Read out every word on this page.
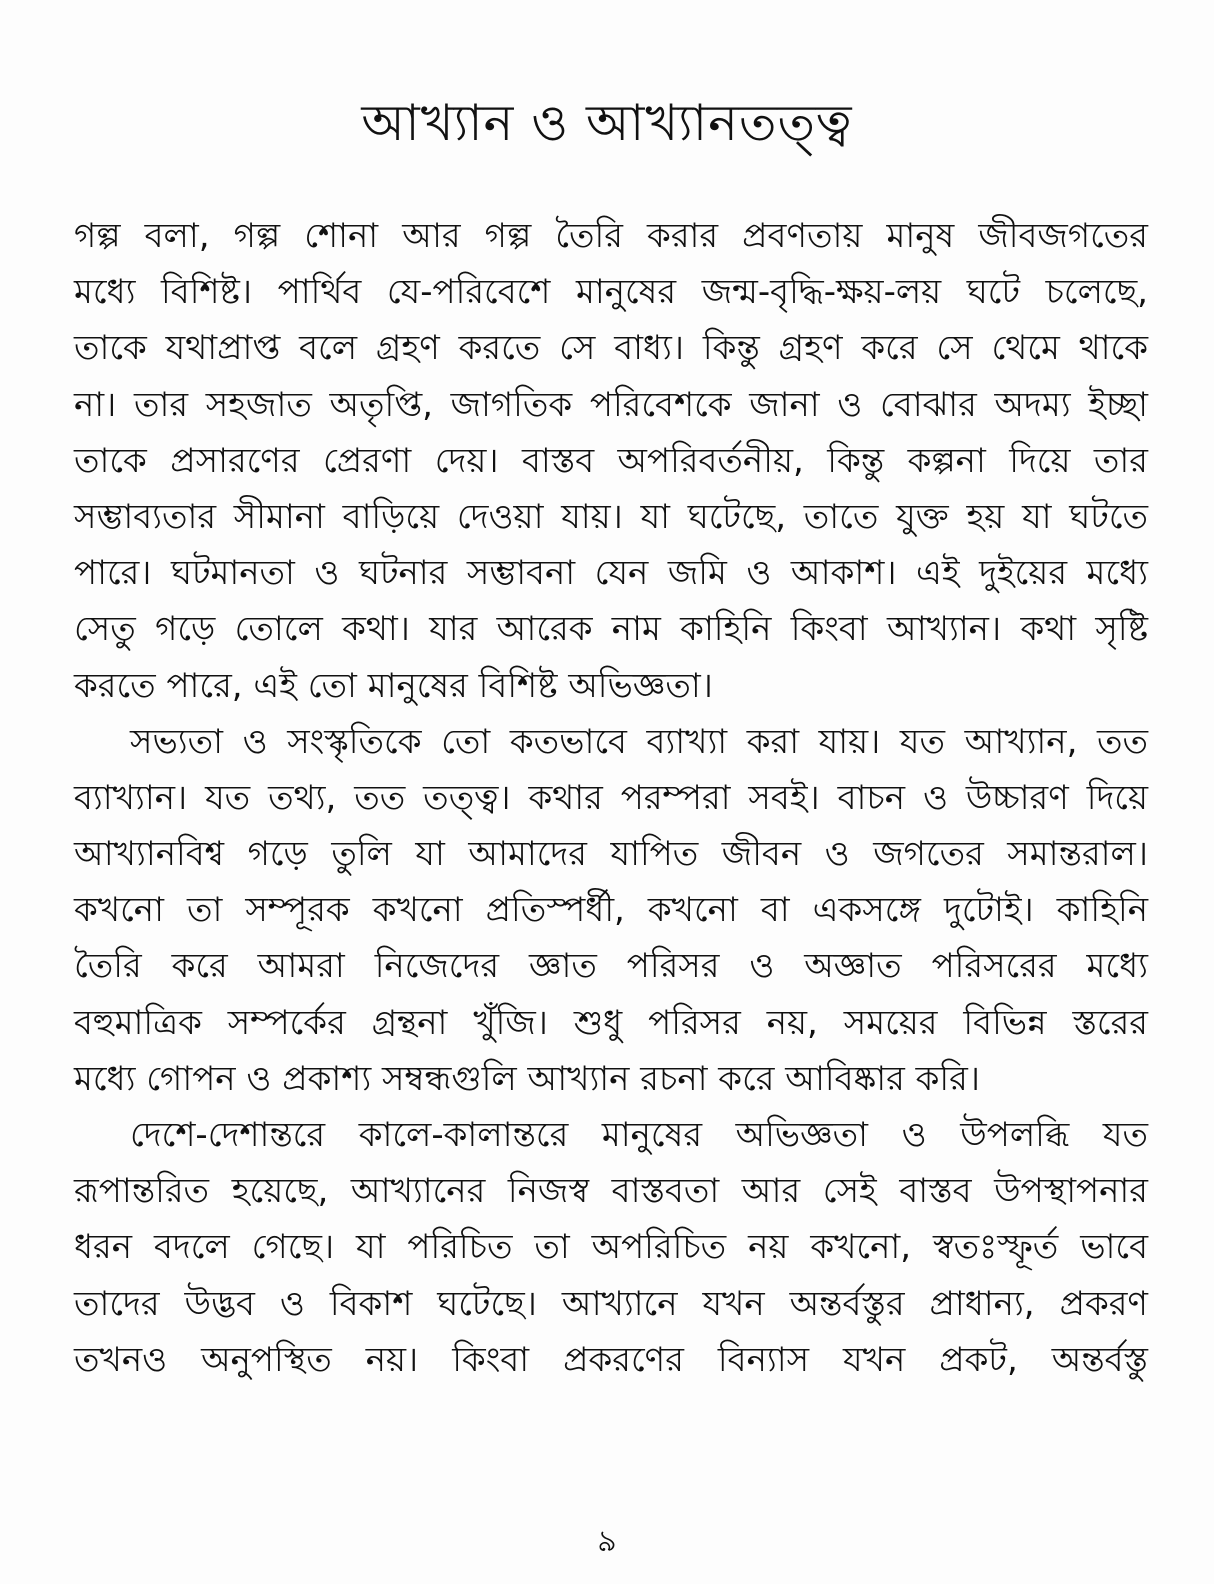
আখ্যান ও আখ্যানতত্ত্ব
গল্প বলা, গল্প শোনা আর গল্প তৈরি করার প্রবণতায় মানুষ জীবজগতের
মধ্যে বিশিষ্ট। পার্থিব যে-পরিবেশে মানুষের জন্ম-বৃদ্ধি-ক্ষয়-লয় ঘটে চলেছে,
তাকে যথাপ্রাপ্ত বলে গ্রহণ করতে সে বাধ্য। কিন্তু গ্রহণ করে সে থেমে থাকে
না। তার সহজাত অতৃপ্তি, জাগতিক পরিবেশকে জানা ও বোঝার অদম্য ইচ্ছা
তাকে প্রসারণের প্রেরণা দেয়। বাস্তব অপরিবর্তনীয়, কিন্তু কল্পনা দিয়ে তার
সম্ভাব্যতার সীমানা বাড়িয়ে দেওয়া যায়। যা ঘটেছে, তাতে যুক্ত হয় যা ঘটতে
পারে। ঘটমানতা ও ঘটনার সম্ভাবনা যেন জমি ও আকাশ। এই দুইয়ের মধ্যে
সেতু গড়ে তোলে কথা। যার আরেক নাম কাহিনি কিংবা আখ্যান। কথা সৃষ্টি
করতে পারে, এই তো মানুষের বিশিষ্ট অভিজ্ঞতা।
সভ্যতা ও সংস্কৃতিকে তো কতভাবে ব্যাখ্যা করা যায়। যত আখ্যান, তত
ব্যাখ্যান। যত তথ্য, তত তত্ত্ব। কথার পরম্পরা সবই। বাচন ও উচ্চারণ দিয়ে
আখ্যানবিশ্ব গড়ে তুলি যা আমাদের যাপিত জীবন ও জগতের সমান্তরাল।
কখনো তা সম্পূরক কখনো প্রতিস্পর্ধী, কখনো বা একসঙ্গে দুটোই। কাহিনি
তৈরি করে আমরা নিজেদের জ্ঞাত পরিসর ও অজ্ঞাত পরিসরের মধ্যে
বহুমাত্রিক সম্পর্কের গ্রন্থনা খুঁজি। শুধু পরিসর নয়, সময়ের বিভিন্ন স্তরের
মধ্যে গোপন ও প্রকাশ্য সম্বন্ধগুলি আখ্যান রচনা করে আবিষ্কার করি।
দেশে-দেশান্তরে কালে-কালান্তরে মানুষের অভিজ্ঞতা ও উপলব্ধি যত
রূপান্তরিত হয়েছে, আখ্যানের নিজস্ব বাস্তবতা আর সেই বাস্তব উপস্থাপনার
ধরন বদলে গেছে। যা পরিচিত তা অপরিচিত নয় কখনো, স্বতঃস্ফূর্ত ভাবে
তাদের উদ্ভব ও বিকাশ ঘটেছে। আখ্যানে যখন অন্তর্বস্তুর প্রাধান্য, প্রকরণ
তখনও অনুপস্থিত নয়। কিংবা প্রকরণের বিন্যাস যখন প্রকট, অন্তর্বস্তু
৯
